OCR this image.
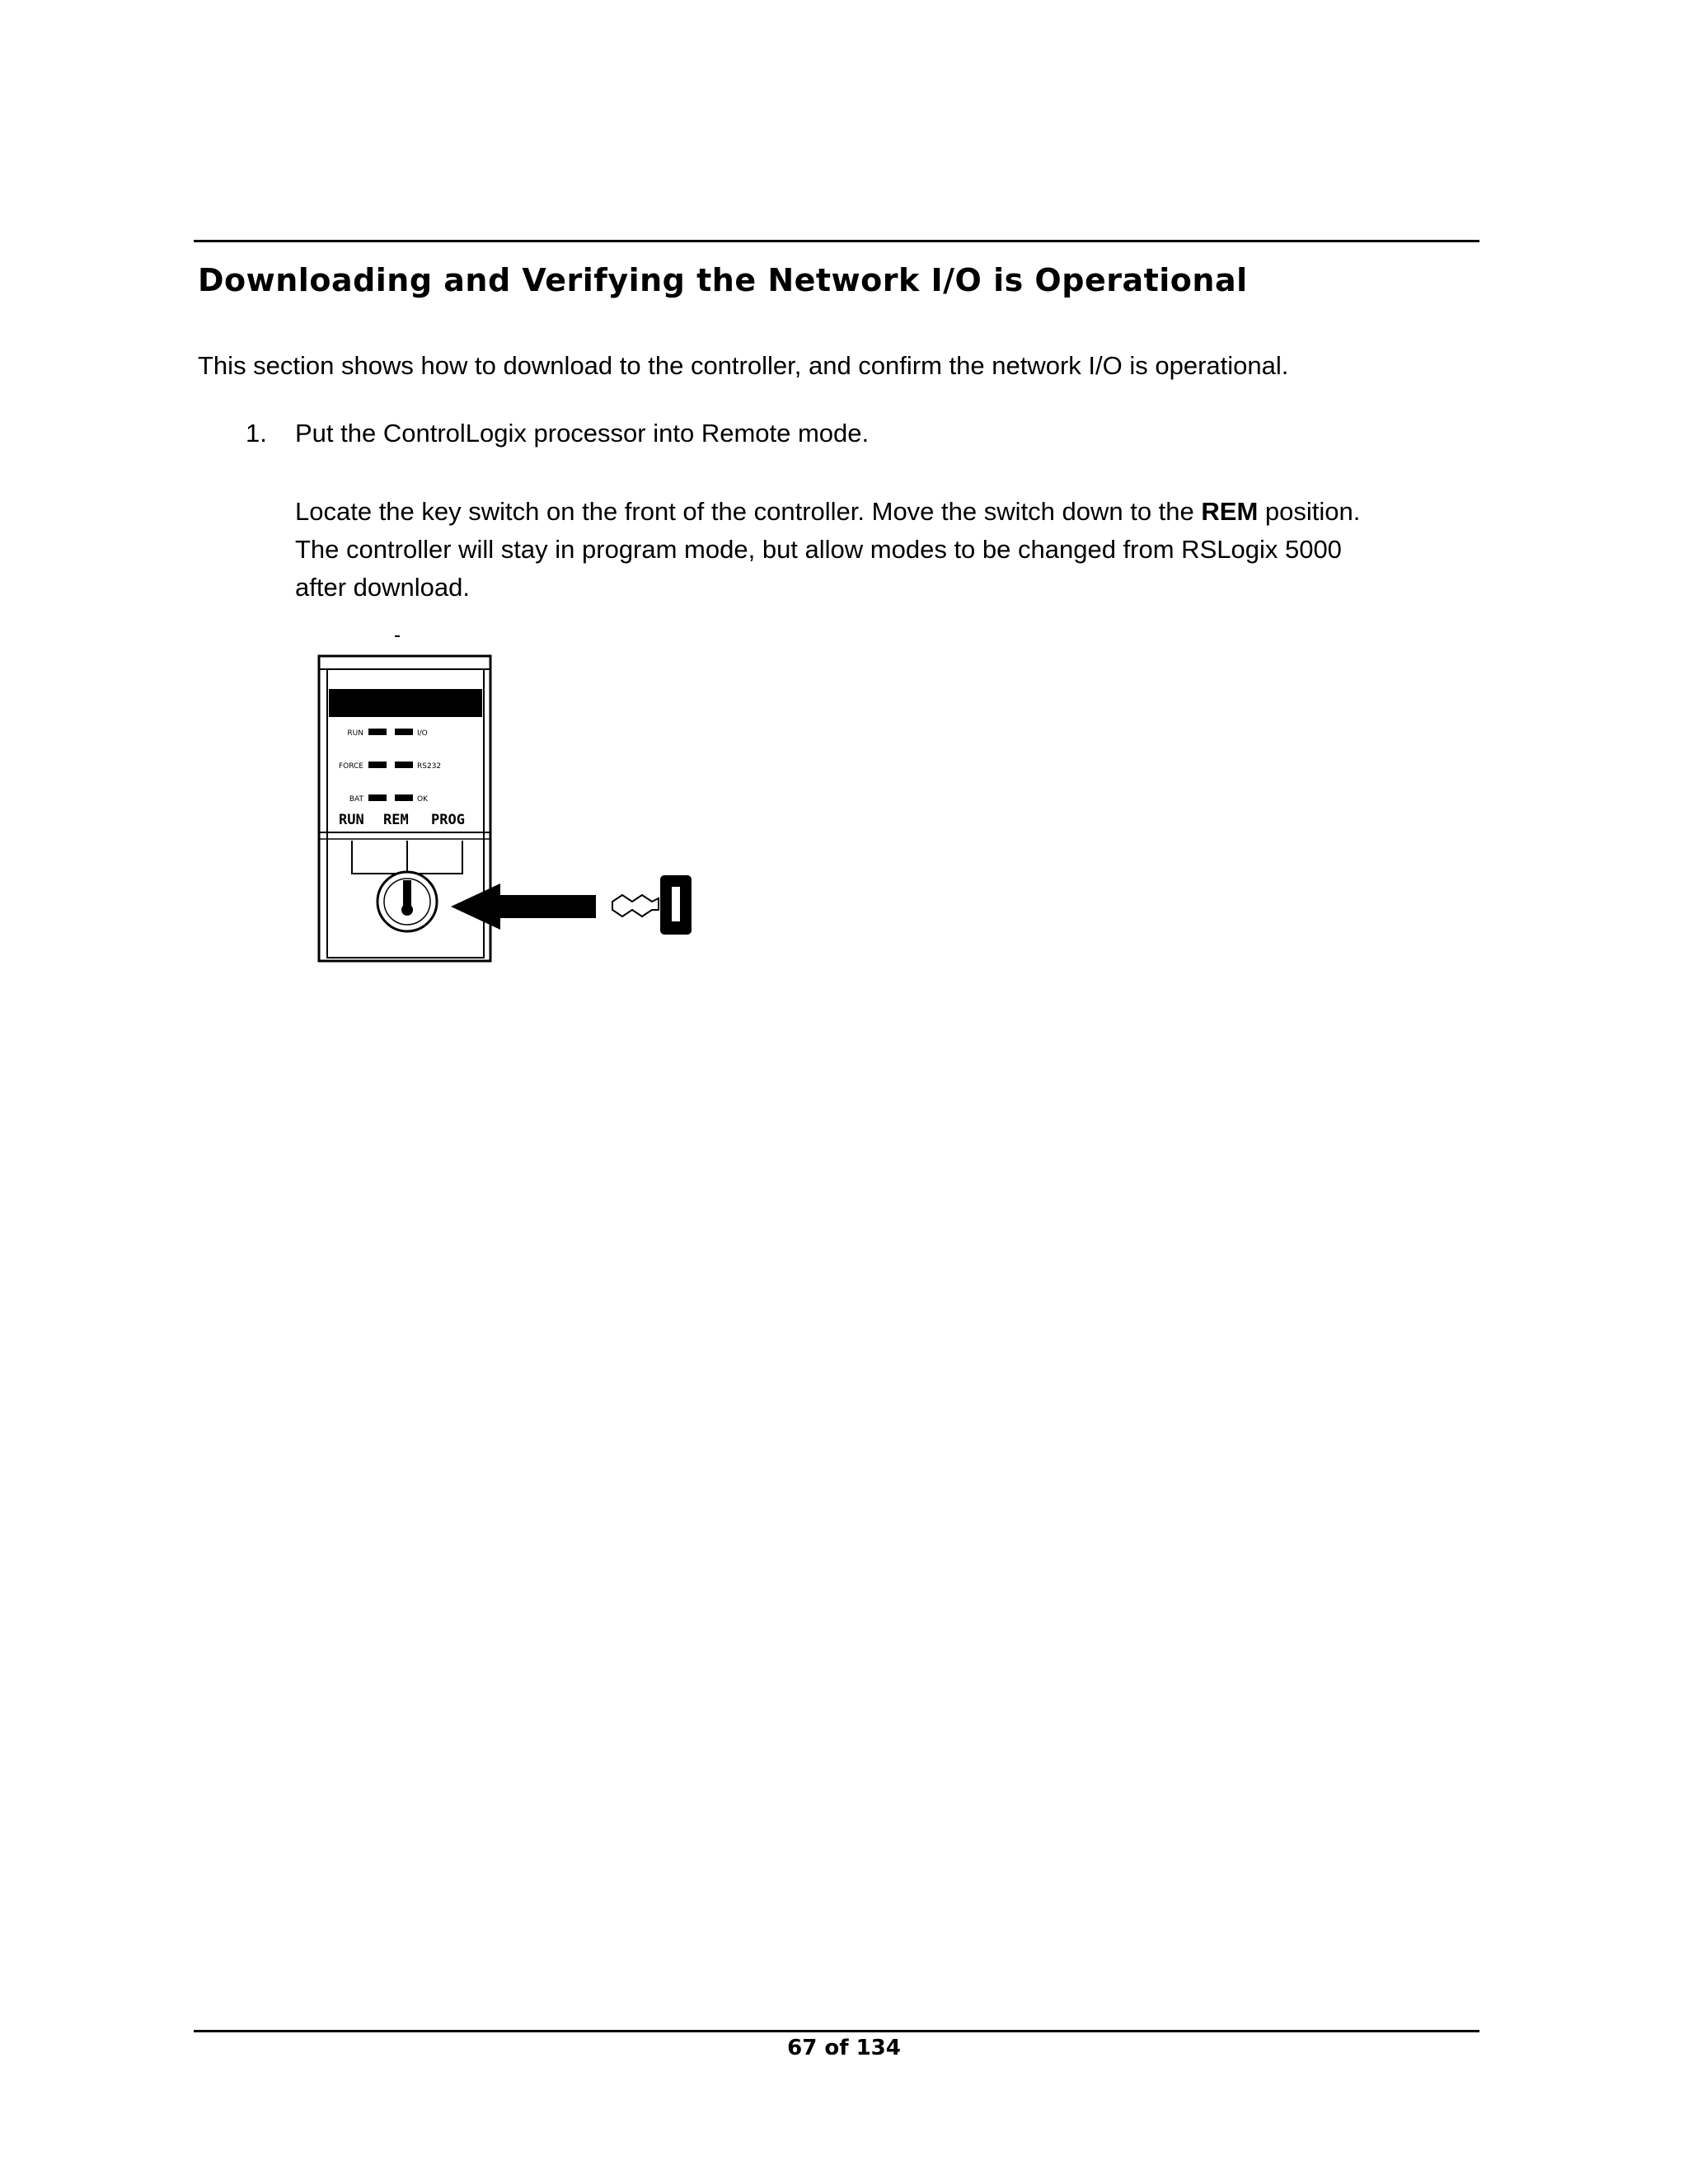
Downloading and Verifying the Network I/O is Operational

This section shows how to download to the controller, and confirm the network I/O is operational.

1. Put the ControlLogix processor into Remote mode.

Locate the key switch on the front of the controller. Move the switch down to the REM position.
The controller will stay in program mode, but allow modes to be changed from RSLogix 5000
after download.

RUN	I/O
FORCE	RS232
BAT	OK
RUN REM PROG
67 of 134
